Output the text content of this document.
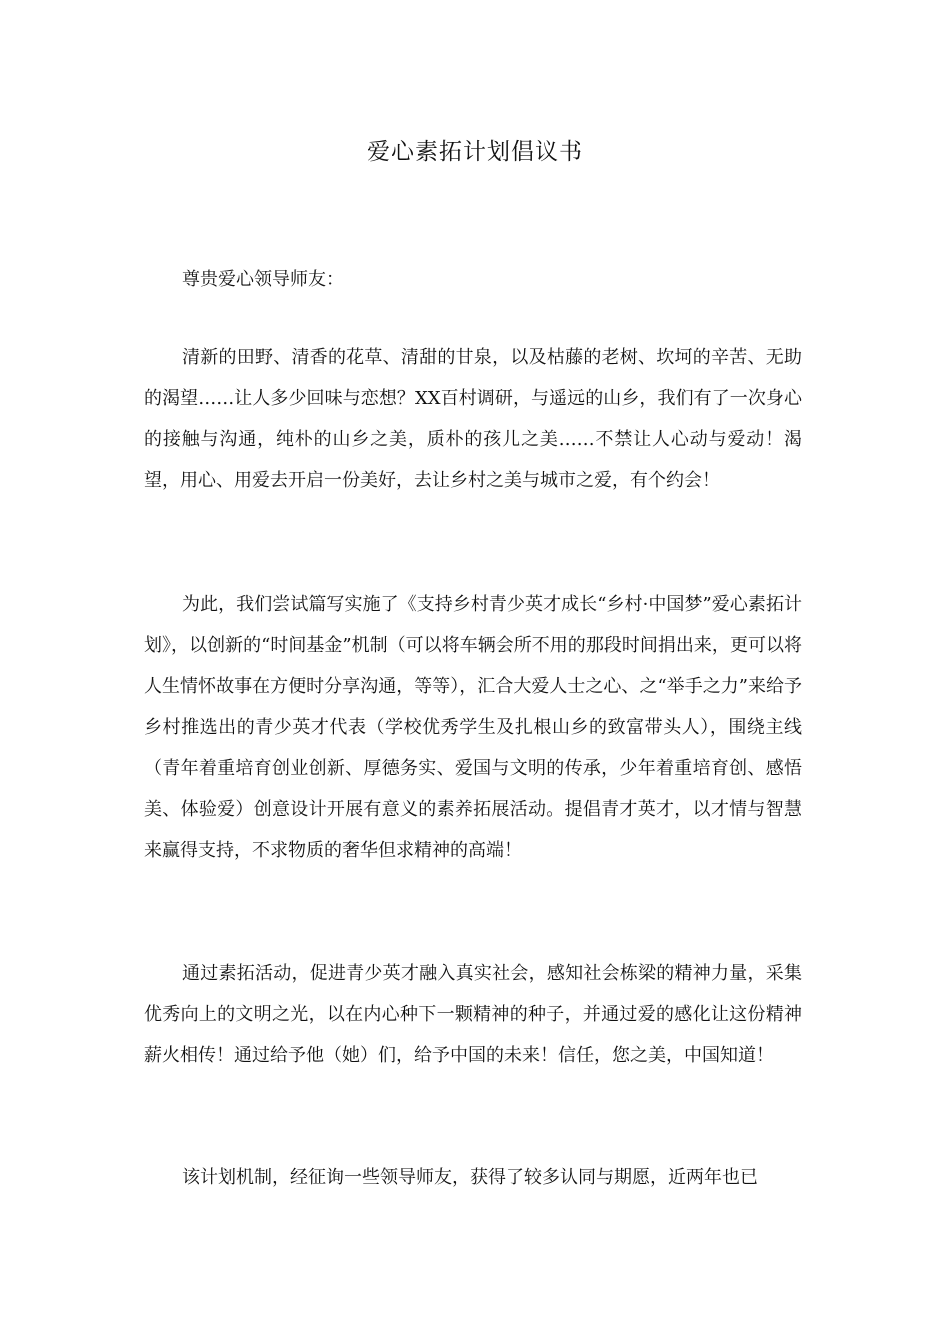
爱心素拓计划倡议书
尊贵爱心领导师友：

清新的田野、清香的花草、清甜的甘泉，以及枯藤的老树、坎坷的辛苦、无助的渴望……让人多少回味与恋想？XX百村调研，与遥远的山乡，我们有了一次身心的接触与沟通，纯朴的山乡之美，质朴的孩儿之美……不禁让人心动与爱动！渴望，用心、用爱去开启一份美好，去让乡村之美与城市之爱，有个约会！

为此，我们尝试篇写实施了《支持乡村青少英才成长“乡村·中国梦”爱心素拓计划》，以创新的“时间基金”机制（可以将车辆会所不用的那段时间捐出来，更可以将人生情怀故事在方便时分享沟通，等等），汇合大爱人士之心、之“举手之力”来给予乡村推选出的青少英才代表（学校优秀学生及扎根山乡的致富带头人），围绕主线（青年着重培育创业创新、厚德务实、爱国与文明的传承，少年着重培育创、感悟美、体验爱）创意设计开展有意义的素养拓展活动。提倡青才英才，以才情与智慧来赢得支持，不求物质的奢华但求精神的高端！

通过素拓活动，促进青少英才融入真实社会，感知社会栋梁的精神力量，采集优秀向上的文明之光，以在内心种下一颗精神的种子，并通过爱的感化让这份精神薪火相传！通过给予他（她）们，给予中国的未来！信任，您之美，中国知道！

该计划机制，经征询一些领导师友，获得了较多认同与期愿，近两年也已
